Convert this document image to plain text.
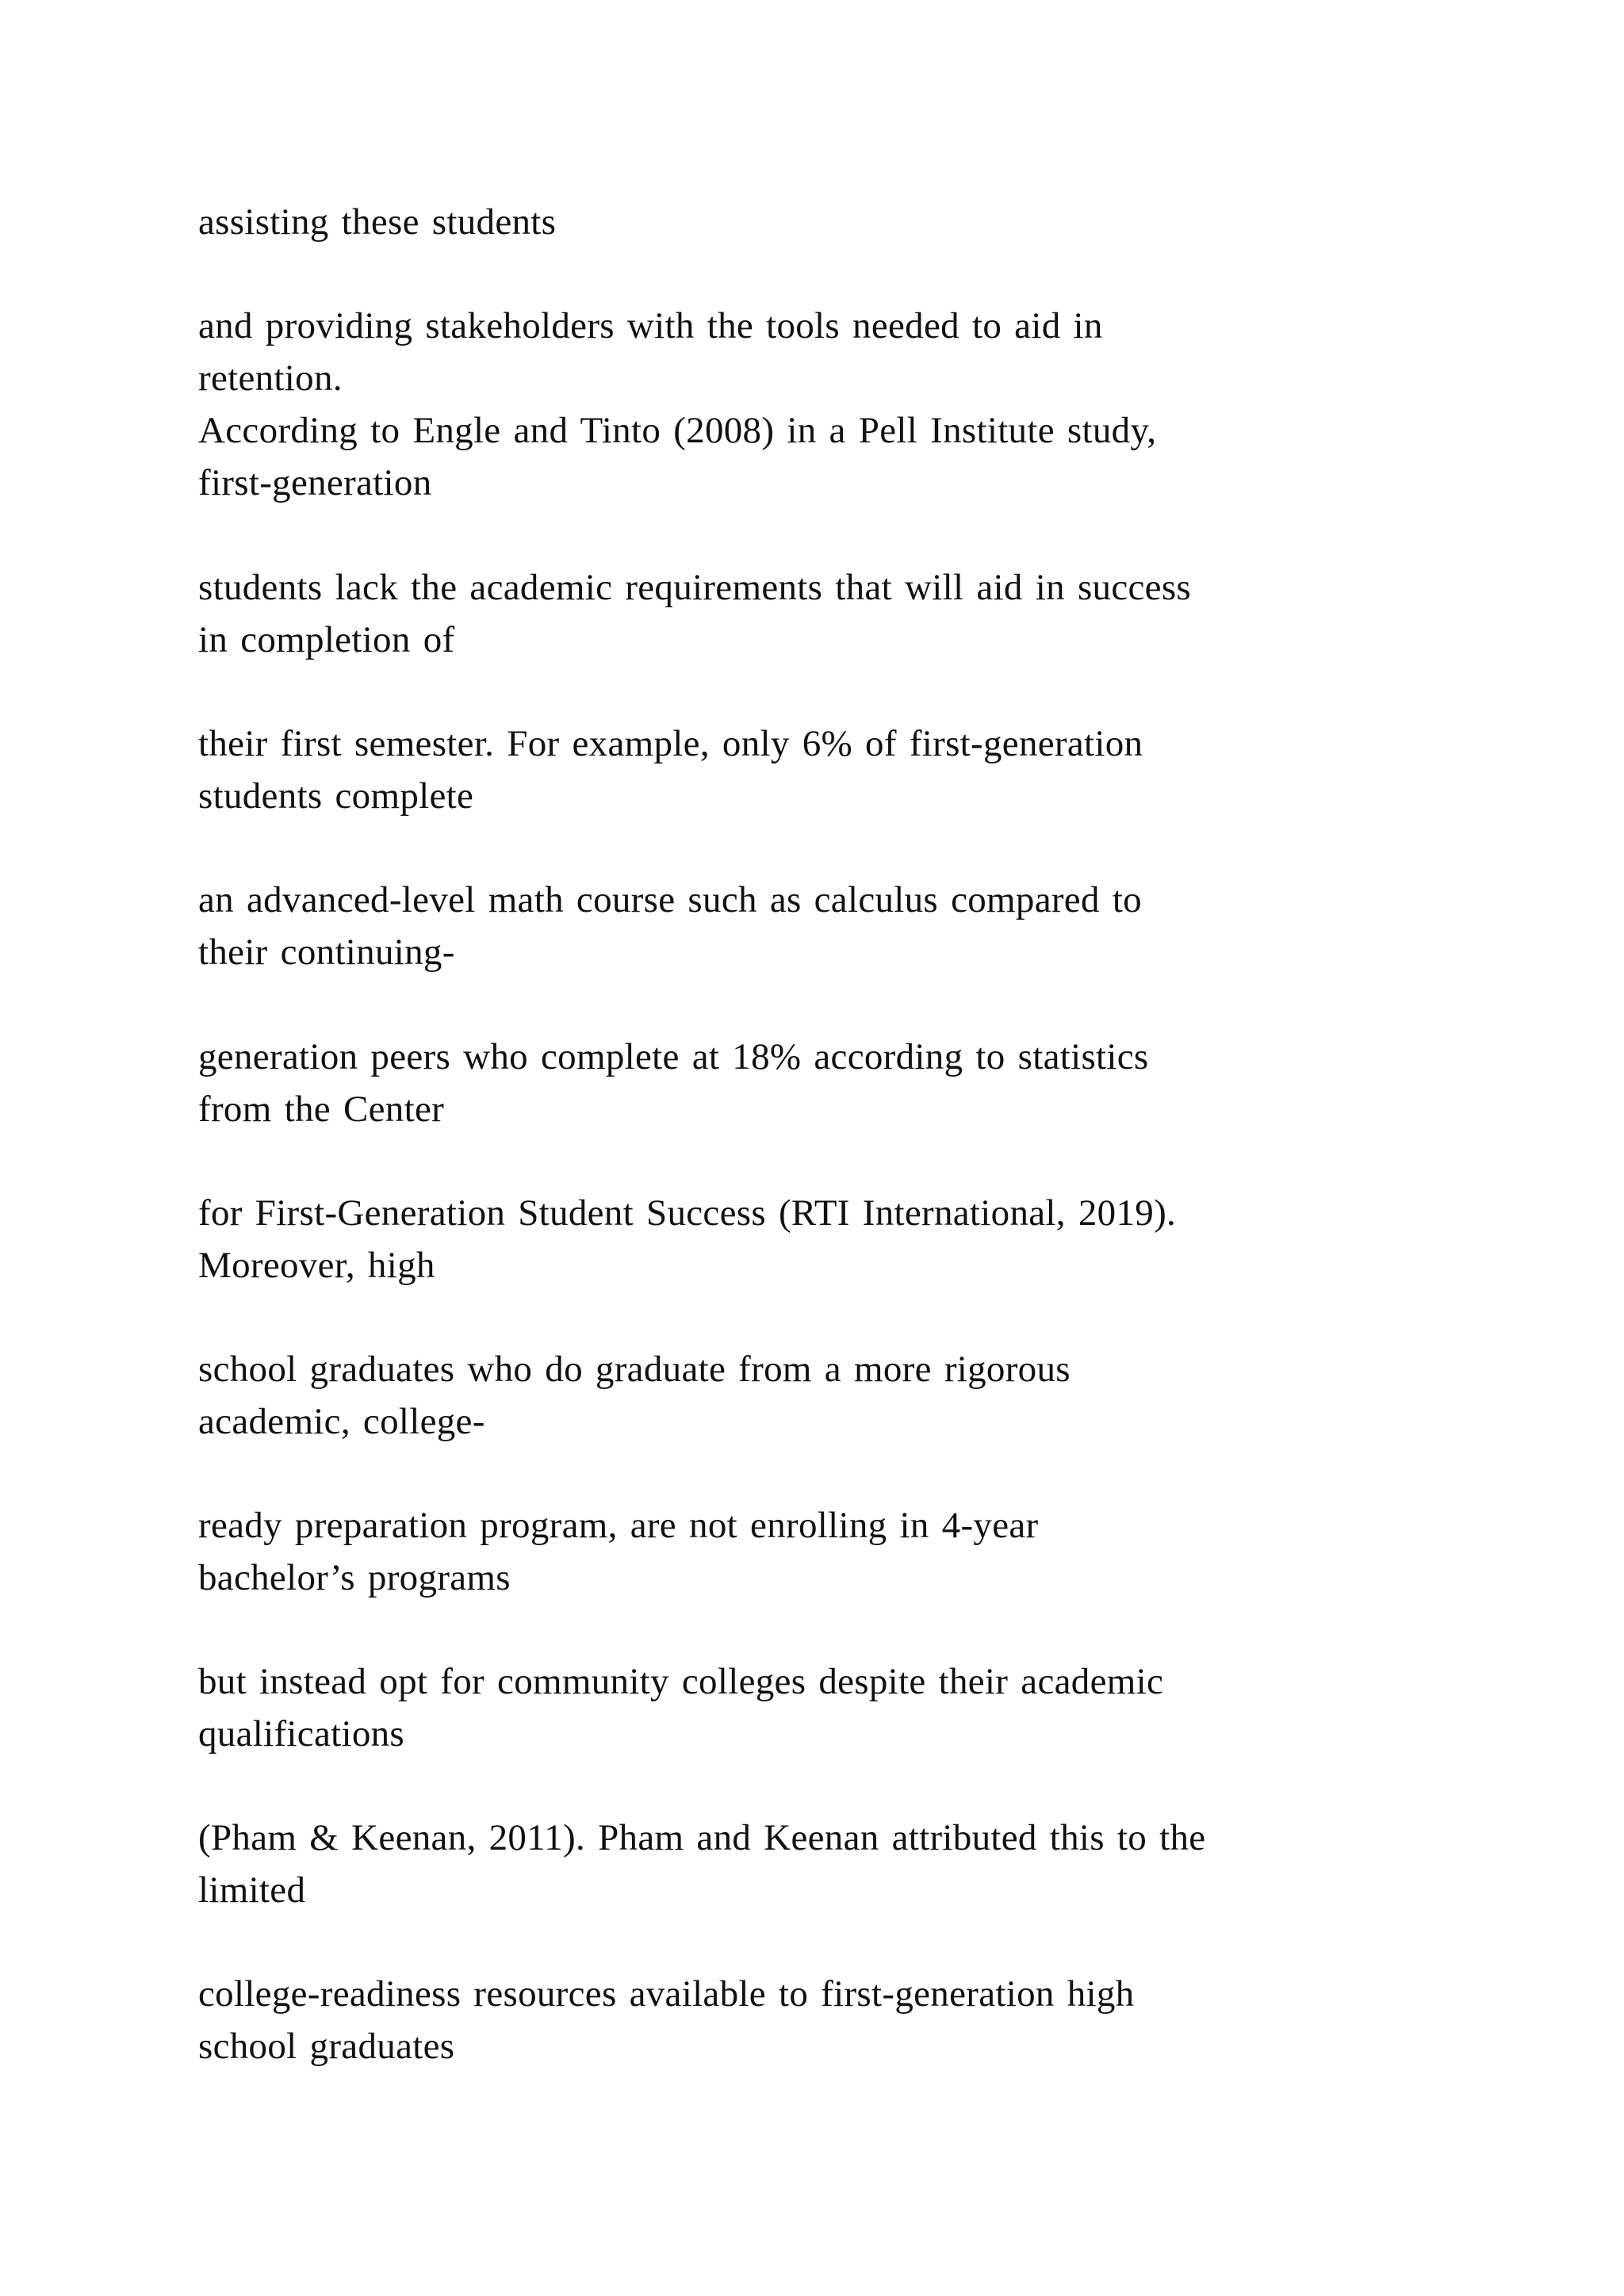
assisting these students
and providing stakeholders with the tools needed to aid in
retention.
According to Engle and Tinto (2008) in a Pell Institute study,
first-generation
students lack the academic requirements that will aid in success
in completion of
their first semester. For example, only 6% of first-generation
students complete
an advanced-level math course such as calculus compared to
their continuing-
generation peers who complete at 18% according to statistics
from the Center
for First-Generation Student Success (RTI International, 2019).
Moreover, high
school graduates who do graduate from a more rigorous
academic, college-
ready preparation program, are not enrolling in 4-year
bachelor’s programs
but instead opt for community colleges despite their academic
qualifications
(Pham & Keenan, 2011). Pham and Keenan attributed this to the
limited
college-readiness resources available to first-generation high
school graduates
